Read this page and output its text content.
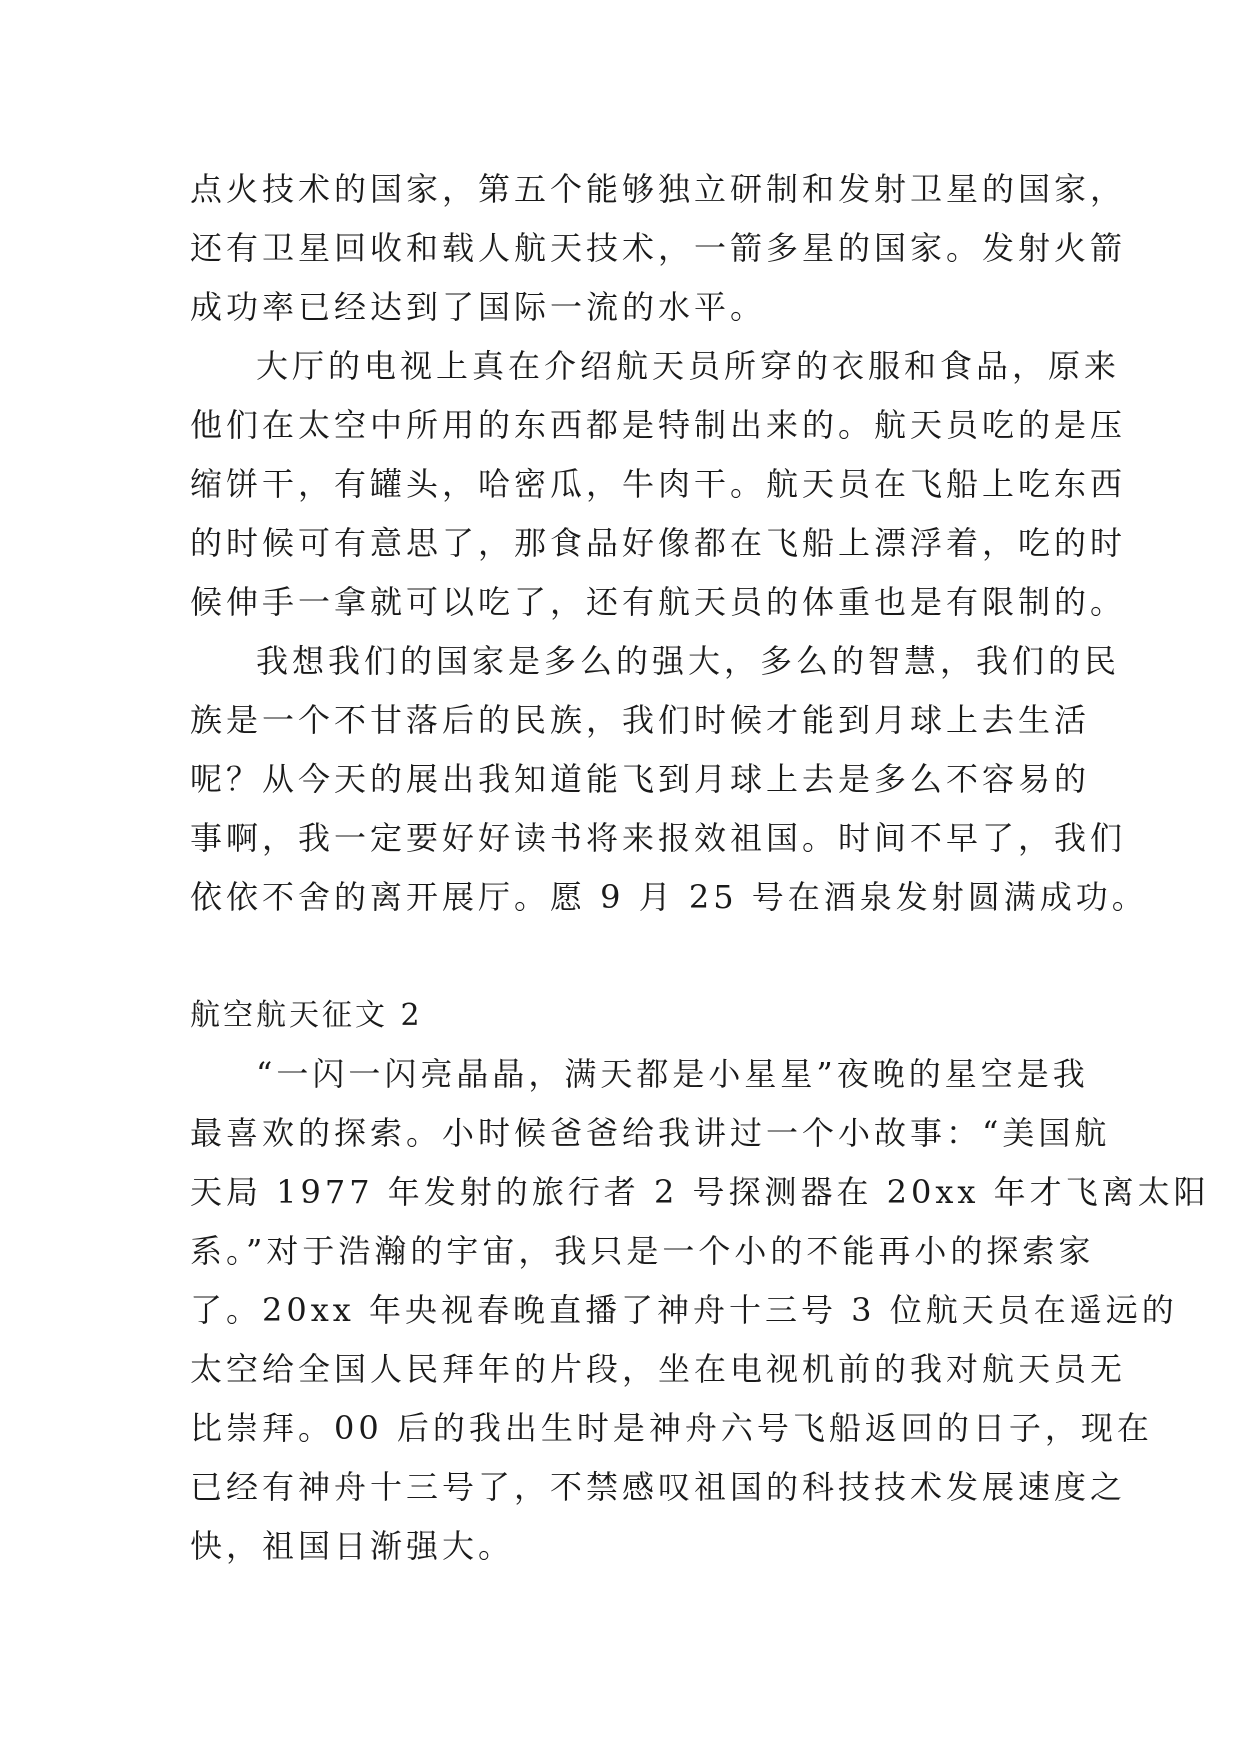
点火技术的国家，第五个能够独立研制和发射卫星的国家，
还有卫星回收和载人航天技术，一箭多星的国家。发射火箭
成功率已经达到了国际一流的水平。
大厅的电视上真在介绍航天员所穿的衣服和食品，原来
他们在太空中所用的东西都是特制出来的。航天员吃的是压
缩饼干，有罐头，哈密瓜，牛肉干。航天员在飞船上吃东西
的时候可有意思了，那食品好像都在飞船上漂浮着，吃的时
候伸手一拿就可以吃了，还有航天员的体重也是有限制的。
我想我们的国家是多么的强大，多么的智慧，我们的民
族是一个不甘落后的民族，我们时候才能到月球上去生活
呢？从今天的展出我知道能飞到月球上去是多么不容易的
事啊，我一定要好好读书将来报效祖国。时间不早了，我们
依依不舍的离开展厅。愿 9 月 25 号在酒泉发射圆满成功。
航空航天征文 2
“一闪一闪亮晶晶，满天都是小星星”夜晚的星空是我
最喜欢的探索。小时候爸爸给我讲过一个小故事：“美国航
天局 1977 年发射的旅行者 2 号探测器在 20xx 年才飞离太阳
系。”对于浩瀚的宇宙，我只是一个小的不能再小的探索家
了。20xx 年央视春晚直播了神舟十三号 3 位航天员在遥远的
太空给全国人民拜年的片段，坐在电视机前的我对航天员无
比崇拜。00 后的我出生时是神舟六号飞船返回的日子，现在
已经有神舟十三号了，不禁感叹祖国的科技技术发展速度之
快，祖国日渐强大。
